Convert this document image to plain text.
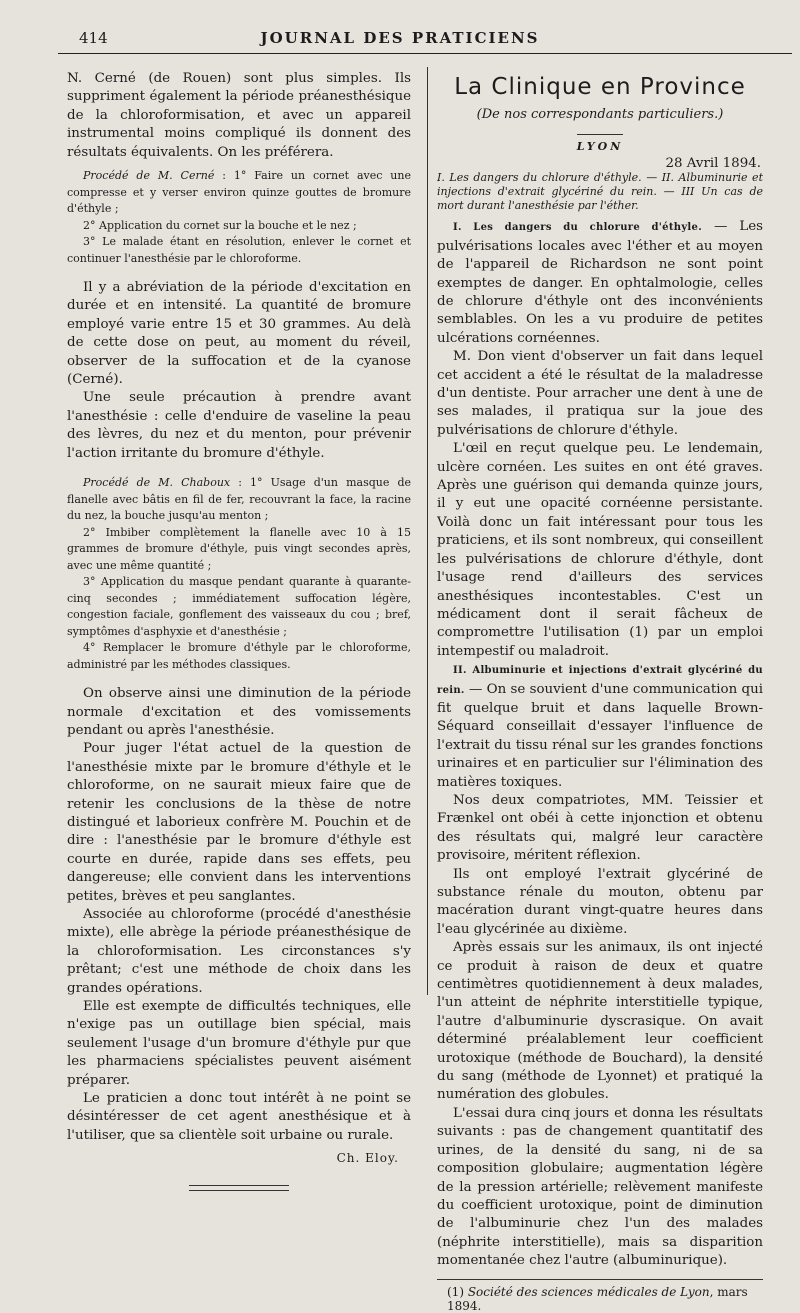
414	JOURNAL DES PRATICIENS

N. Cerné (de Rouen) sont plus simples. Ils suppriment également la période préanesthésique de la chloroformisation, et avec un appareil instrumental moins compliqué ils donnent des résultats équivalents. On les préférera.

Procédé de M. Cerné : 1° Faire un cornet avec une compresse et y verser environ quinze gouttes de bromure d'éthyle ;

2° Application du cornet sur la bouche et le nez ;

3° Le malade étant en résolution, enlever le cornet et continuer l'anesthésie par le chloroforme.

Il y a abréviation de la période d'excitation en durée et en intensité. La quantité de bromure employé varie entre 15 et 30 grammes. Au delà de cette dose on peut, au moment du réveil, observer de la suffocation et de la cyanose (Cerné).

Une seule précaution à prendre avant l'anesthésie : celle d'enduire de vaseline la peau des lèvres, du nez et du menton, pour prévenir l'action irritante du bromure d'éthyle.

Procédé de M. Chaboux : 1° Usage d'un masque de flanelle avec bâtis en fil de fer, recouvrant la face, la racine du nez, la bouche jusqu'au menton ;

2° Imbiber complètement la flanelle avec 10 à 15 grammes de bromure d'éthyle, puis vingt secondes après, avec une même quantité ;

3° Application du masque pendant quarante à quarante-cinq secondes ; immédiatement suffocation légère, congestion faciale, gonflement des vaisseaux du cou ; bref, symptômes d'asphyxie et d'anesthésie ;

4° Remplacer le bromure d'éthyle par le chloroforme, administré par les méthodes classiques.

On observe ainsi une diminution de la période normale d'excitation et des vomissements pendant ou après l'anesthésie.

Pour juger l'état actuel de la question de l'anesthésie mixte par le bromure d'éthyle et le chloroforme, on ne saurait mieux faire que de retenir les conclusions de la thèse de notre distingué et laborieux confrère M. Pouchin et de dire : l'anesthésie par le bromure d'éthyle est courte en durée, rapide dans ses effets, peu dangereuse; elle convient dans les interventions petites, brèves et peu sanglantes.

Associée au chloroforme (procédé d'anesthésie mixte), elle abrège la période préanesthésique de la chloroformisation. Les circonstances s'y prêtant; c'est une méthode de choix dans les grandes opérations.

Elle est exempte de difficultés techniques, elle n'exige pas un outillage bien spécial, mais seulement l'usage d'un bromure d'éthyle pur que les pharmaciens spécialistes peuvent aisément préparer.

Le praticien a donc tout intérêt à ne point se désintéresser de cet agent anesthésique et à l'utiliser, que sa clientèle soit urbaine ou rurale.

Ch. Eloy.
La Clinique en Province
(De nos correspondants particuliers.)
LYON
28 Avril 1894.

I. Les dangers du chlorure d'éthyle. — II. Albuminurie et injections d'extrait glycériné du rein. — III Un cas de mort durant l'anesthésie par l'éther.

I. Les dangers du chlorure d'éthyle. — Les pulvérisations locales avec l'éther et au moyen de l'appareil de Richardson ne sont point exemptes de danger. En ophtalmologie, celles de chlorure d'éthyle ont des inconvénients semblables. On les a vu produire de petites ulcérations cornéennes.

M. Don vient d'observer un fait dans lequel cet accident a été le résultat de la maladresse d'un dentiste. Pour arracher une dent à une de ses malades, il pratiqua sur la joue des pulvérisations de chlorure d'éthyle.

L'œil en reçut quelque peu. Le lendemain, ulcère cornéen. Les suites en ont été graves. Après une guérison qui demanda quinze jours, il y eut une opacité cornéenne persistante. Voilà donc un fait intéressant pour tous les praticiens, et ils sont nombreux, qui conseillent les pulvérisations de chlorure d'éthyle, dont l'usage rend d'ailleurs des services anesthésiques incontestables. C'est un médicament dont il serait fâcheux de compromettre l'utilisation (1) par un emploi intempestif ou maladroit.

II. Albuminurie et injections d'extrait glycériné du rein. — On se souvient d'une communication qui fit quelque bruit et dans laquelle Brown-Séquard conseillait d'essayer l'influence de l'extrait du tissu rénal sur les grandes fonctions urinaires et en particulier sur l'élimination des matières toxiques.

Nos deux compatriotes, MM. Teissier et Frænkel ont obéi à cette injonction et obtenu des résultats qui, malgré leur caractère provisoire, méritent réflexion.

Ils ont employé l'extrait glycériné de substance rénale du mouton, obtenu par macération durant vingt-quatre heures dans l'eau glycérinée au dixième.

Après essais sur les animaux, ils ont injecté ce produit à raison de deux et quatre centimètres quotidiennement à deux malades, l'un atteint de néphrite interstitielle typique, l'autre d'albuminurie dyscrasique. On avait déterminé préalablement leur coefficient urotoxique (méthode de Bouchard), la densité du sang (méthode de Lyonnet) et pratiqué la numération des globules.

L'essai dura cinq jours et donna les résultats suivants : pas de changement quantitatif des urines, de la densité du sang, ni de sa composition globulaire; augmentation légère de la pression artérielle; relèvement manifeste du coefficient urotoxique, point de diminution de l'albuminurie chez l'un des malades (néphrite interstitielle), mais sa disparition momentanée chez l'autre (albuminurique).

(1) Société des sciences médicales de Lyon, mars 1894.
